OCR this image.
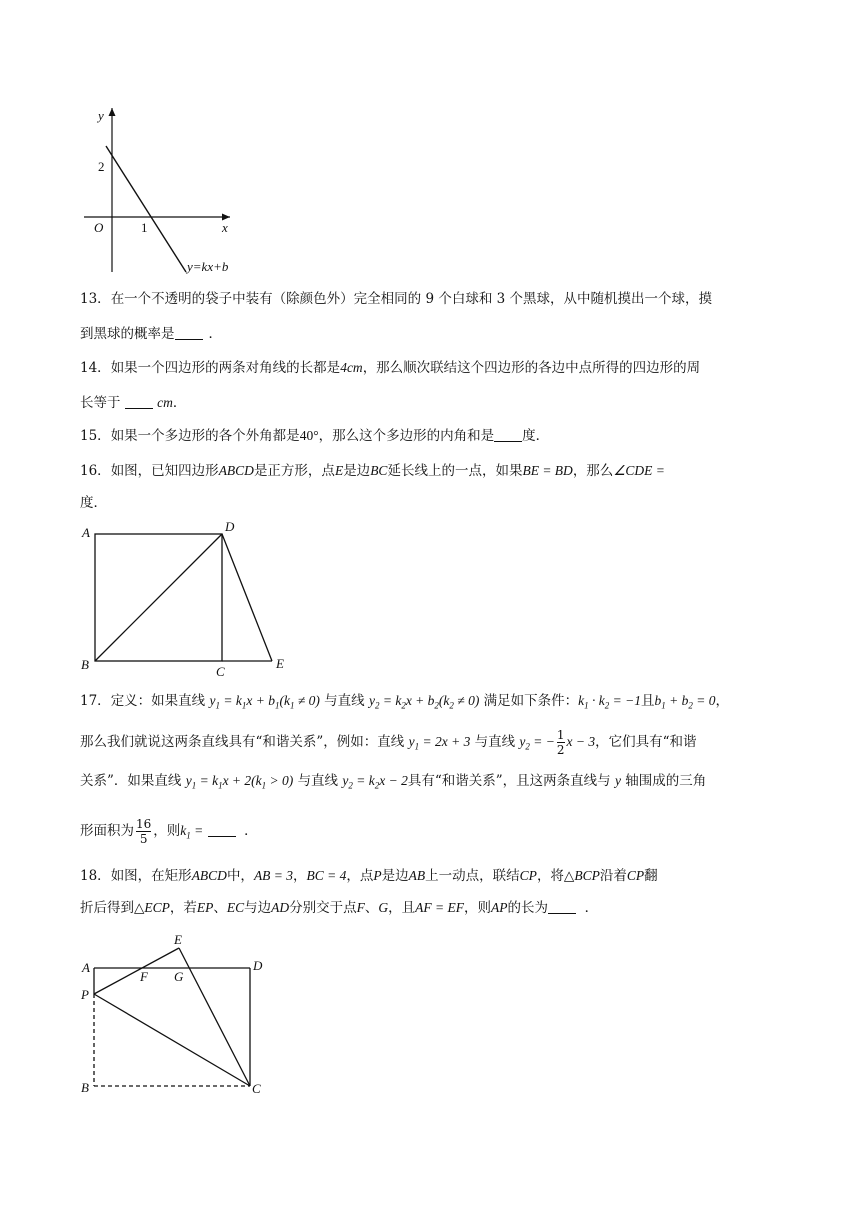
y
x
O
2
1
y=kx+b
13．在一个不透明的袋子中装有（除颜色外）完全相同的 9 个白球和 3 个黑球，从中随机摸出一个球，摸
到黑球的概率是	．
14．如果一个四边形的两条对角线的长都是4cm，那么顺次联结这个四边形的各边中点所得的四边形的周
长等于	cm．
15．如果一个多边形的各个外角都是40°，那么这个多边形的内角和是 度．
16．如图，已知四边形ABCD是正方形，点E是边BC延长线上的一点，如果BE = BD，那么∠CDE =
度．
A	D
B	C
E
17．定义：如果直线 $y_1 = k_1x + b_1(k_1 \ne 0)$ 与直线 $y_2 = k_2x + b_2(k_2 \ne 0)$ 满足如下条件：$k_1 \cdot k_2 = -1$且$b_1 + b_2 = 0$，
那么我们就说这两条直线具有“和谐关系”，例如：直线 $y_1 = 2x + 3$ 与直线 $y_2$ = − $\frac{1}{2}$ x − 3，它们具有“和谐
关系”．如果直线 $y_1 = k_1x + 2(k_1 > 0)$ 与直线 $y_2 = k_2x - 2$具有“和谐关系”，且这两条直线与 y 轴围成的三角
形面积为 $\frac{16}{5}$ ，则$k_1$ =	．
18．如图，在矩形ABCD中，AB = 3，BC = 4，点P是边AB上一动点，联结CP，将△BCP沿着CP翻
折后得到△ECP，若EP、EC与边AD分别交于点F、G，且AF = EF，则AP的长为	．
E
A	D
F G
P
B	C
